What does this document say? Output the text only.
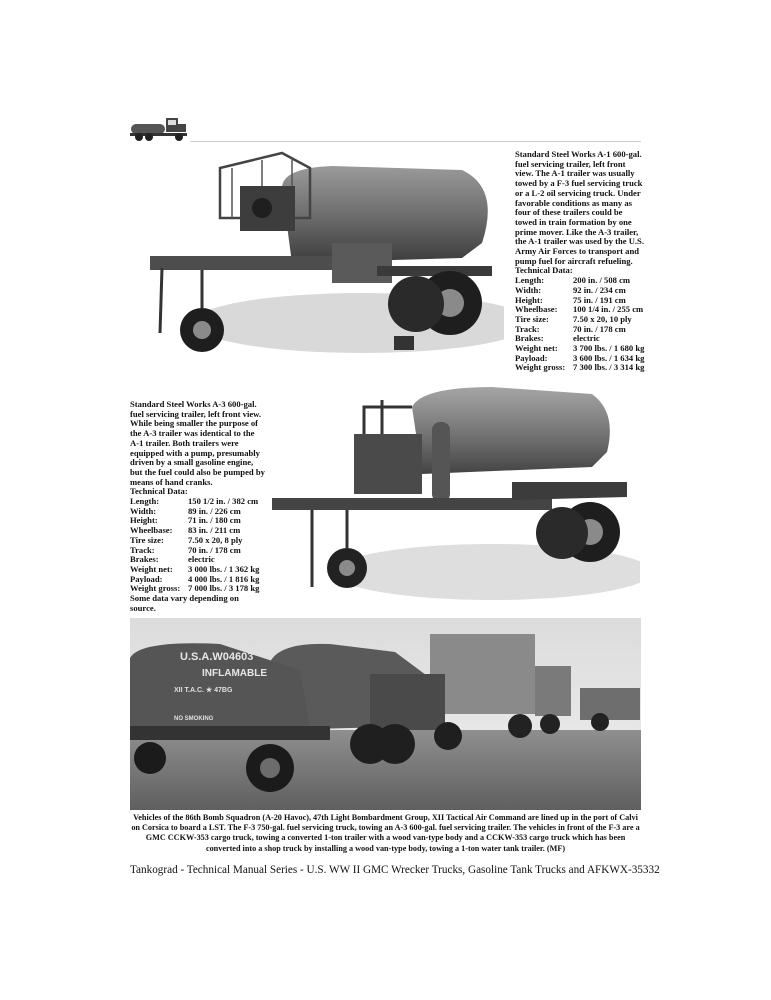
Standard Steel Works A-1 600-gal. fuel servicing trailer, left front view. The A-1 trailer was usually towed by a F-3 fuel servicing truck or a L-2 oil servicing truck. Under favorable conditions as many as four of these trailers could be towed in train formation by one prime mover. Like the A-3 trailer, the A-1 trailer was used by the U.S. Army Air Forces to transport and pump fuel for aircraft refueling.
Technical Data:
Length:	200 in. / 508 cm
Width:	92 in. / 234 cm
Height:	75 in. / 191 cm
Wheelbase:	100 1/4 in. / 255 cm
Tire size:	7.50 x 20, 10 ply
Track:	70 in. / 178 cm
Brakes:	electric
Weight net:	3 700 lbs. / 1 680 kg
Payload:	3 600 lbs. / 1 634 kg
Weight gross: 7 300 lbs. / 3 314 kg
Standard Steel Works A-3 600-gal. fuel servicing trailer, left front view. While being smaller the purpose of the A-3 trailer was identical to the A-1 trailer. Both trailers were equipped with a pump, presumably driven by a small gasoline engine, but the fuel could also be pumped by means of hand cranks.
Technical Data:
Length:	150 1/2 in. / 382 cm
Width:	89 in. / 226 cm
Height:	71 in. / 180 cm
Wheelbase:	83 in. / 211 cm
Tire size:	7.50 x 20, 8 ply
Track:	70 in. / 178 cm
Brakes:	electric
Weight net:	3 000 lbs. / 1 362 kg
Payload:	4 000 lbs. / 1 816 kg
Weight gross: 7 000 lbs. / 3 178 kg
Some data vary depending on source.
U.S.A.W04603
INFLAMABLE
XII T.A.C. ★ 47BG
NO SMOKING
Vehicles of the 86th Bomb Squadron (A-20 Havoc), 47th Light Bombardment Group, XII Tactical Air Command are lined up in the port of Calvi on Corsica to board a LST. The F-3 750-gal. fuel servicing truck, towing an A-3 600-gal. fuel servicing trailer. The vehicles in front of the F-3 are a GMC CCKW-353 cargo truck, towing a converted 1-ton trailer with a wood van-type body and a CCKW-353 cargo truck which has been converted into a shop truck by installing a wood van-type body, towing a 1-ton water tank trailer. (MF)
Tankograd - Technical Manual Series - U.S. WW II GMC Wrecker Trucks, Gasoline Tank Trucks and AFKWX-353 32
